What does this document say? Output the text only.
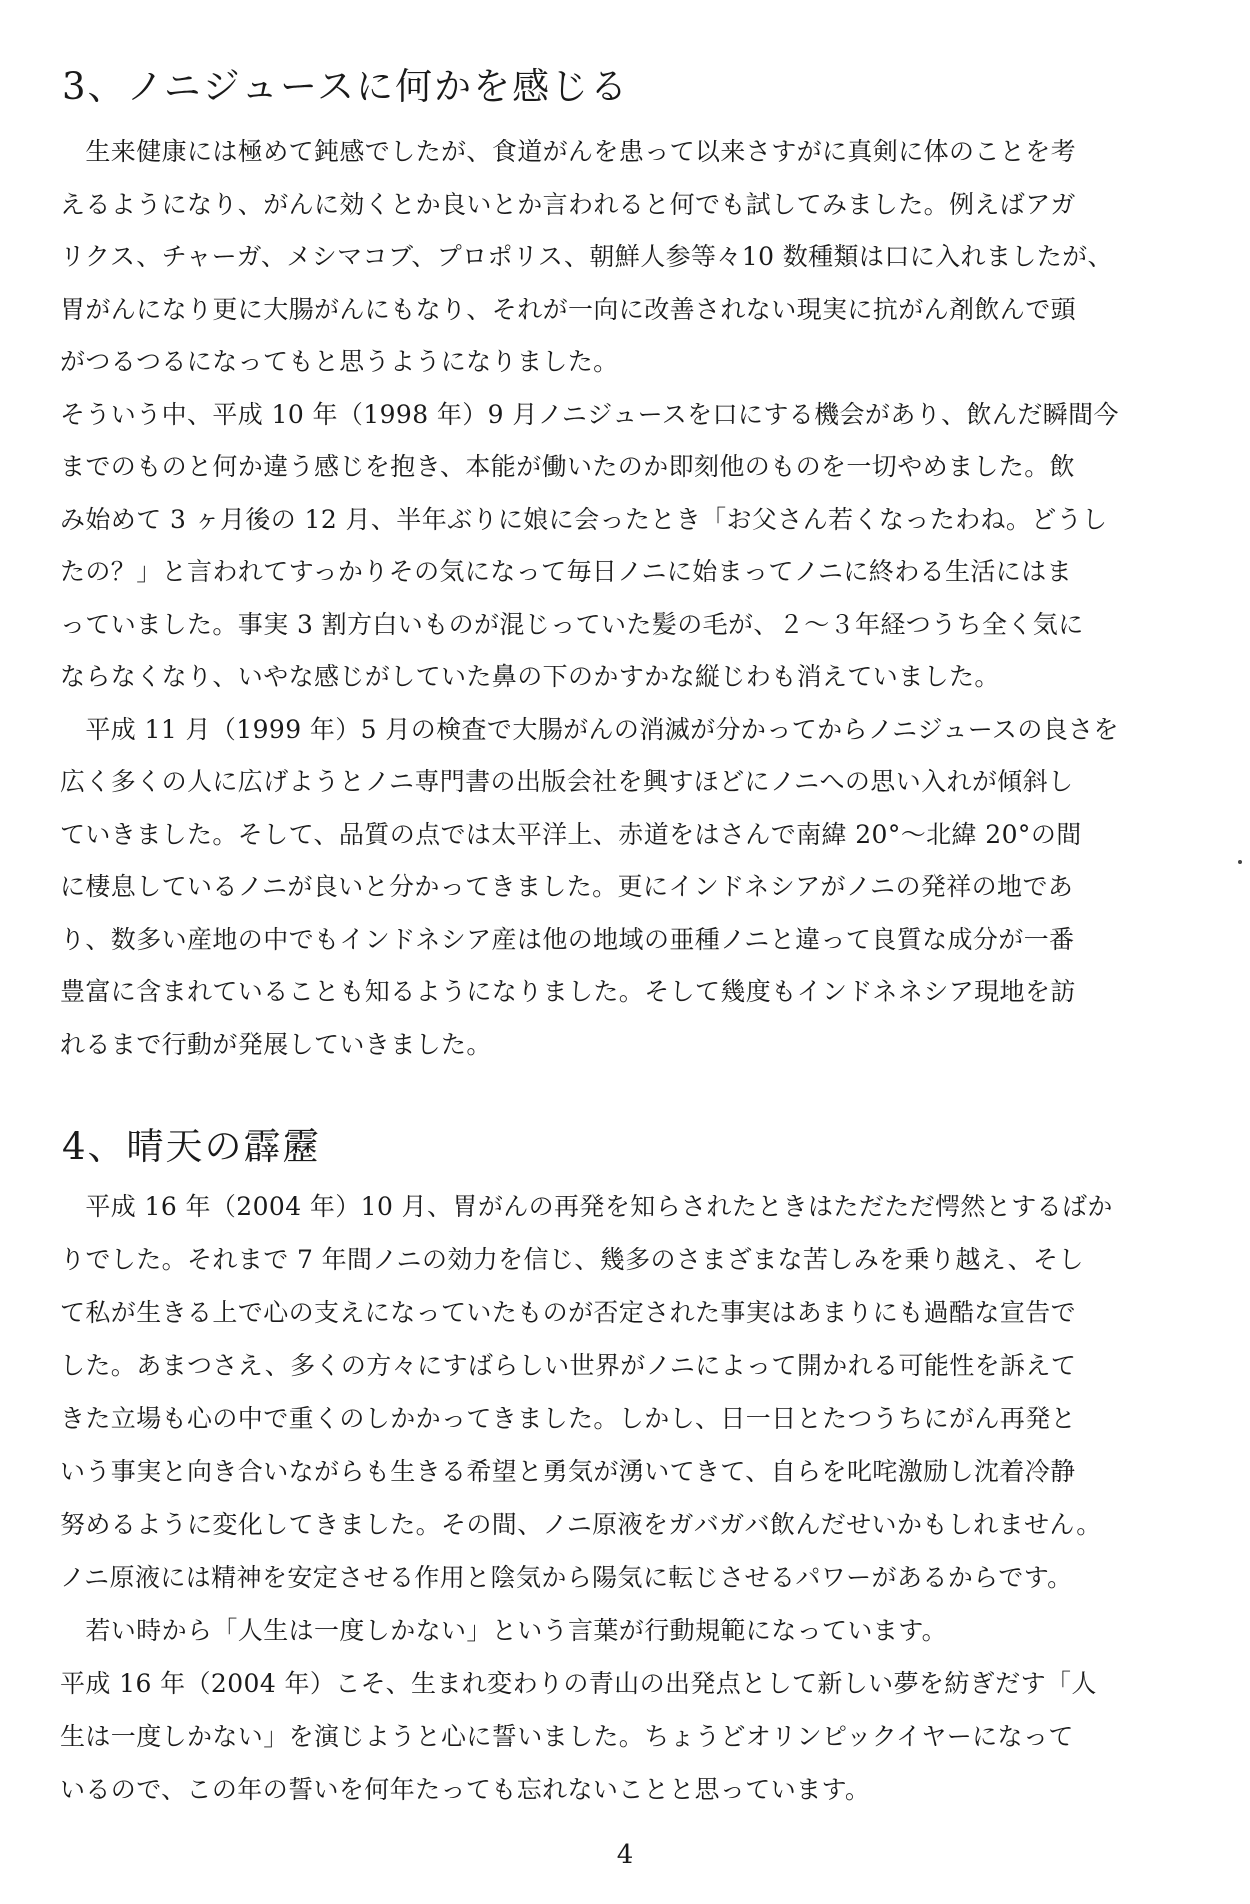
3、ノニジュースに何かを感じる
　生来健康には極めて鈍感でしたが、食道がんを患って以来さすがに真剣に体のことを考
えるようになり、がんに効くとか良いとか言われると何でも試してみました。例えばアガ
リクス、チャーガ、メシマコブ、プロポリス、朝鮮人参等々10 数種類は口に入れましたが、
胃がんになり更に大腸がんにもなり、それが一向に改善されない現実に抗がん剤飲んで頭
がつるつるになってもと思うようになりました。
そういう中、平成 10 年（1998 年）9 月ノニジュースを口にする機会があり、飲んだ瞬間今
までのものと何か違う感じを抱き、本能が働いたのか即刻他のものを一切やめました。飲
み始めて 3 ヶ月後の 12 月、半年ぶりに娘に会ったとき「お父さん若くなったわね。どうし
たの？」と言われてすっかりその気になって毎日ノニに始まってノニに終わる生活にはま
っていました。事実 3 割方白いものが混じっていた髪の毛が、２～３年経つうち全く気に
ならなくなり、いやな感じがしていた鼻の下のかすかな縦じわも消えていました。
　平成 11 月（1999 年）5 月の検査で大腸がんの消滅が分かってからノニジュースの良さを
広く多くの人に広げようとノニ専門書の出版会社を興すほどにノニへの思い入れが傾斜し
ていきました。そして、品質の点では太平洋上、赤道をはさんで南緯 20°～北緯 20°の間
に棲息しているノニが良いと分かってきました。更にインドネシアがノニの発祥の地であ
り、数多い産地の中でもインドネシア産は他の地域の亜種ノニと違って良質な成分が一番
豊富に含まれていることも知るようになりました。そして幾度もインドネネシア現地を訪
れるまで行動が発展していきました。
4、晴天の霹靂
　平成 16 年（2004 年）10 月、胃がんの再発を知らされたときはただただ愕然とするばか
りでした。それまで 7 年間ノニの効力を信じ、幾多のさまざまな苦しみを乗り越え、そし
て私が生きる上で心の支えになっていたものが否定された事実はあまりにも過酷な宣告で
した。あまつさえ、多くの方々にすばらしい世界がノニによって開かれる可能性を訴えて
きた立場も心の中で重くのしかかってきました。しかし、日一日とたつうちにがん再発と
いう事実と向き合いながらも生きる希望と勇気が湧いてきて、自らを叱咤激励し沈着冷静
努めるように変化してきました。その間、ノニ原液をガバガバ飲んだせいかもしれません。
ノニ原液には精神を安定させる作用と陰気から陽気に転じさせるパワーがあるからです。
　若い時から「人生は一度しかない」という言葉が行動規範になっています。
平成 16 年（2004 年）こそ、生まれ変わりの青山の出発点として新しい夢を紡ぎだす「人
生は一度しかない」を演じようと心に誓いました。ちょうどオリンピックイヤーになって
いるので、この年の誓いを何年たっても忘れないことと思っています。
4
